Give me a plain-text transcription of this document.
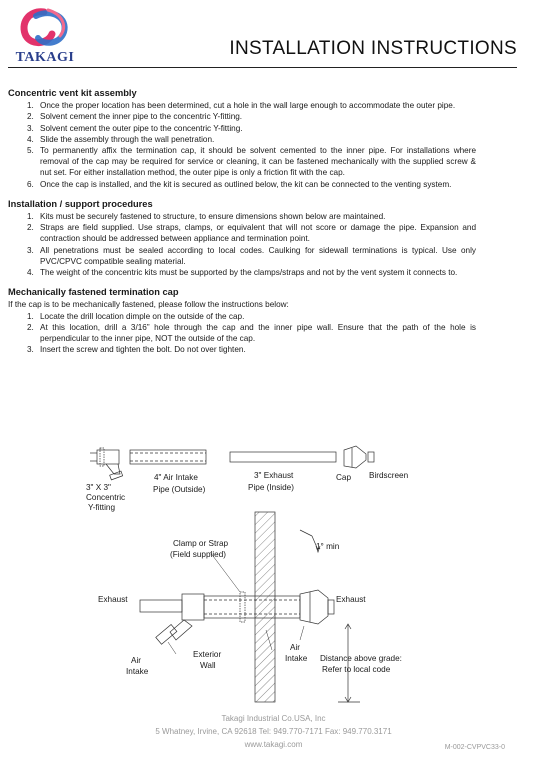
TAKAGI	INSTALLATION INSTRUCTIONS
Concentric vent kit assembly
1. Once the proper location has been determined, cut a hole in the wall large enough to accommodate the outer pipe.
2. Solvent cement the inner pipe to the concentric Y-fitting.
3. Solvent cement the outer pipe to the concentric Y-fitting.
4. Slide the assembly through the wall penetration.
5. To permanently affix the termination cap, it should be solvent cemented to the inner pipe. For installations where removal of the cap may be required for service or cleaning, it can be fastened mechanically with the supplied screw & nut set. For either installation method, the outer pipe is only a friction fit with the cap.
6. Once the cap is installed, and the kit is secured as outlined below, the kit can be connected to the venting system.
Installation / support procedures
1. Kits must be securely fastened to structure, to ensure dimensions shown below are maintained.
2. Straps are field supplied. Use straps, clamps, or equivalent that will not score or damage the pipe. Expansion and contraction should be addressed between appliance and termination point.
3. All penetrations must be sealed according to local codes. Caulking for sidewall terminations is typical. Use only PVC/CPVC compatible sealing material.
4. The weight of the concentric kits must be supported by the clamps/straps and not by the vent system it connects to.
Mechanically fastened termination cap
If the cap is to be mechanically fastened, please follow the instructions below:
1. Locate the drill location dimple on the outside of the cap.
2. At this location, drill a 3/16” hole through the cap and the inner pipe wall. Ensure that the path of the hole is perpendicular to the inner pipe, NOT the outside of the cap.
3. Insert the screw and tighten the bolt. Do not over tighten.
3" X 3"
Concentric
Y-fitting
4" Air Intake
Pipe (Outside)
3" Exhaust
Pipe (Inside)
Cap Birdscreen
Clamp or Strap
(Field supplied)
1° min
Exhaust	Exhaust
Air
Intake
Exterior
Wall
Air
Intake Distance above grade:
Refer to local code
Takagi Industrial Co.USA, Inc
5 Whatney, Irvine, CA 92618 Tel: 949.770-7171 Fax: 949.770.3171
www.takagi.com	M-002-CVPVC33-0
